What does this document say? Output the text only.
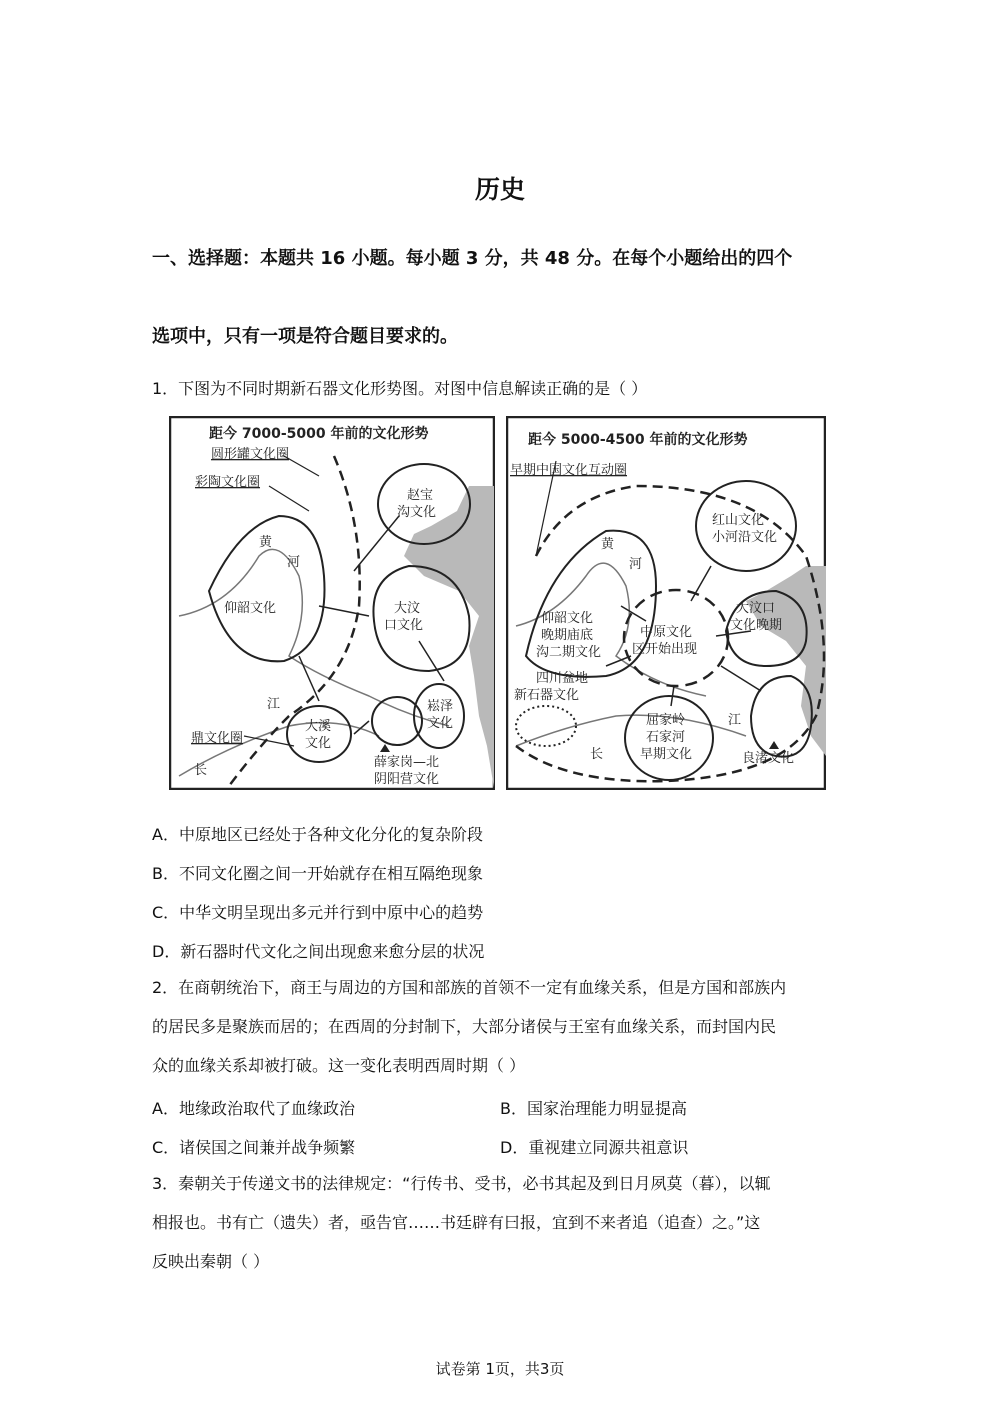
历史
一、选择题：本题共 16 小题。每小题 3 分，共 48 分。在每个小题给出的四个
选项中，只有一项是符合题目要求的。
1．下图为不同时期新石器文化形势图。对图中信息解读正确的是（ ）
距今 7000-5000 年前的文化形势
圆形罐文化圈
彩陶文化圈
赵宝
沟文化
黄
河
仰韶文化	大汶
口文化
江
大溪
文化
崧泽
文化
鼎文化圈
长
薛家岗—北
阴阳营文化
距今 5000-4500 年前的文化形势
早期中国文化互动圈
红山文化
小河沿文化
黄
河
仰韶文化
晚期庙底
沟二期文化
中原文化
区开始出现
大汶口
文化晚期
四川盆地
新石器文化
屈家岭
石家河
早期文化
江
长	良渚文化
A．中原地区已经处于各种文化分化的复杂阶段
B．不同文化圈之间一开始就存在相互隔绝现象
C．中华文明呈现出多元并行到中原中心的趋势
D．新石器时代文化之间出现愈来愈分层的状况
2．在商朝统治下，商王与周边的方国和部族的首领不一定有血缘关系，但是方国和部族内
的居民多是聚族而居的；在西周的分封制下，大部分诸侯与王室有血缘关系，而封国内民
众的血缘关系却被打破。这一变化表明西周时期（ ）
A．地缘政治取代了血缘政治	B．国家治理能力明显提高
C．诸侯国之间兼并战争频繁	D．重视建立同源共祖意识
3．秦朝关于传递文书的法律规定：“行传书、受书，必书其起及到日月夙莫（暮），以辄
相报也。书有亡（遗失）者，亟告官……书廷辟有曰报，宜到不来者追（追查）之。”这
反映出秦朝（ ）
试卷第 1页，共3页
